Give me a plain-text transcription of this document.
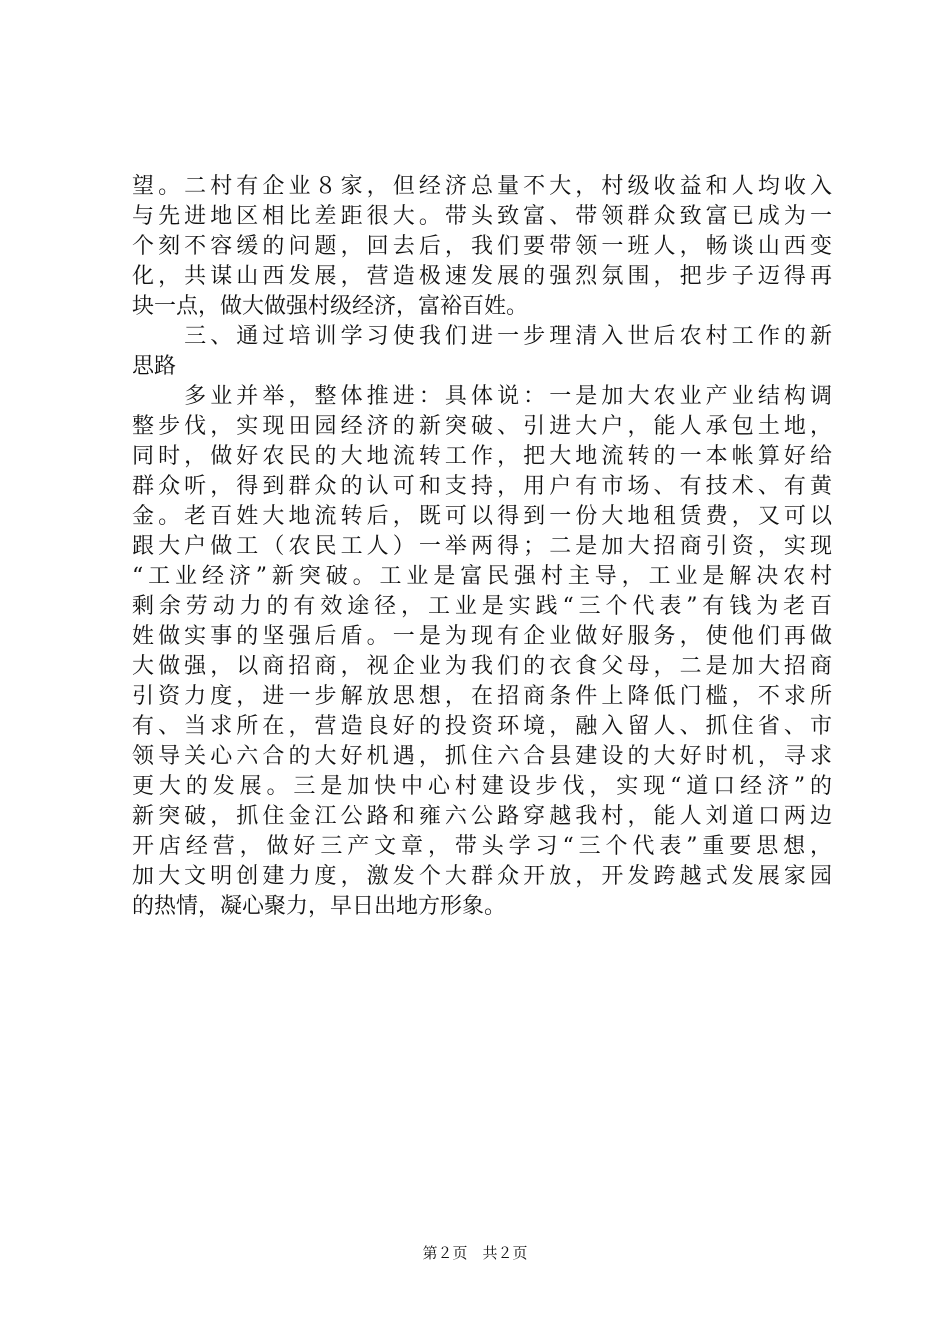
望。二村有企业８家，但经济总量不大，村级收益和人均收入
与先进地区相比差距很大。带头致富、带领群众致富已成为一
个刻不容缓的问题，回去后，我们要带领一班人，畅谈山西变
化，共谋山西发展，营造极速发展的强烈氛围，把步子迈得再
块一点，做大做强村级经济，富裕百姓。
　　三、通过培训学习使我们进一步理清入世后农村工作的新
思路
　　多业并举，整体推进：具体说：一是加大农业产业结构调
整步伐，实现田园经济的新突破、引进大户，能人承包土地，
同时，做好农民的大地流转工作，把大地流转的一本帐算好给
群众听，得到群众的认可和支持，用户有市场、有技术、有黄
金。老百姓大地流转后，既可以得到一份大地租赁费，又可以
跟大户做工（农民工人）一举两得；二是加大招商引资，实现
“工业经济”新突破。工业是富民强村主导，工业是解决农村
剩余劳动力的有效途径，工业是实践“三个代表”有钱为老百
姓做实事的坚强后盾。一是为现有企业做好服务，使他们再做
大做强，以商招商，视企业为我们的衣食父母，二是加大招商
引资力度，进一步解放思想，在招商条件上降低门槛，不求所
有、当求所在，营造良好的投资环境，融入留人、抓住省、市
领导关心六合的大好机遇，抓住六合县建设的大好时机，寻求
更大的发展。三是加快中心村建设步伐，实现“道口经济”的
新突破，抓住金江公路和雍六公路穿越我村，能人刘道口两边
开店经营，做好三产文章，带头学习“三个代表”重要思想，
加大文明创建力度，激发个大群众开放，开发跨越式发展家园
的热情，凝心聚力，早日出地方形象。
第２页　共２页
